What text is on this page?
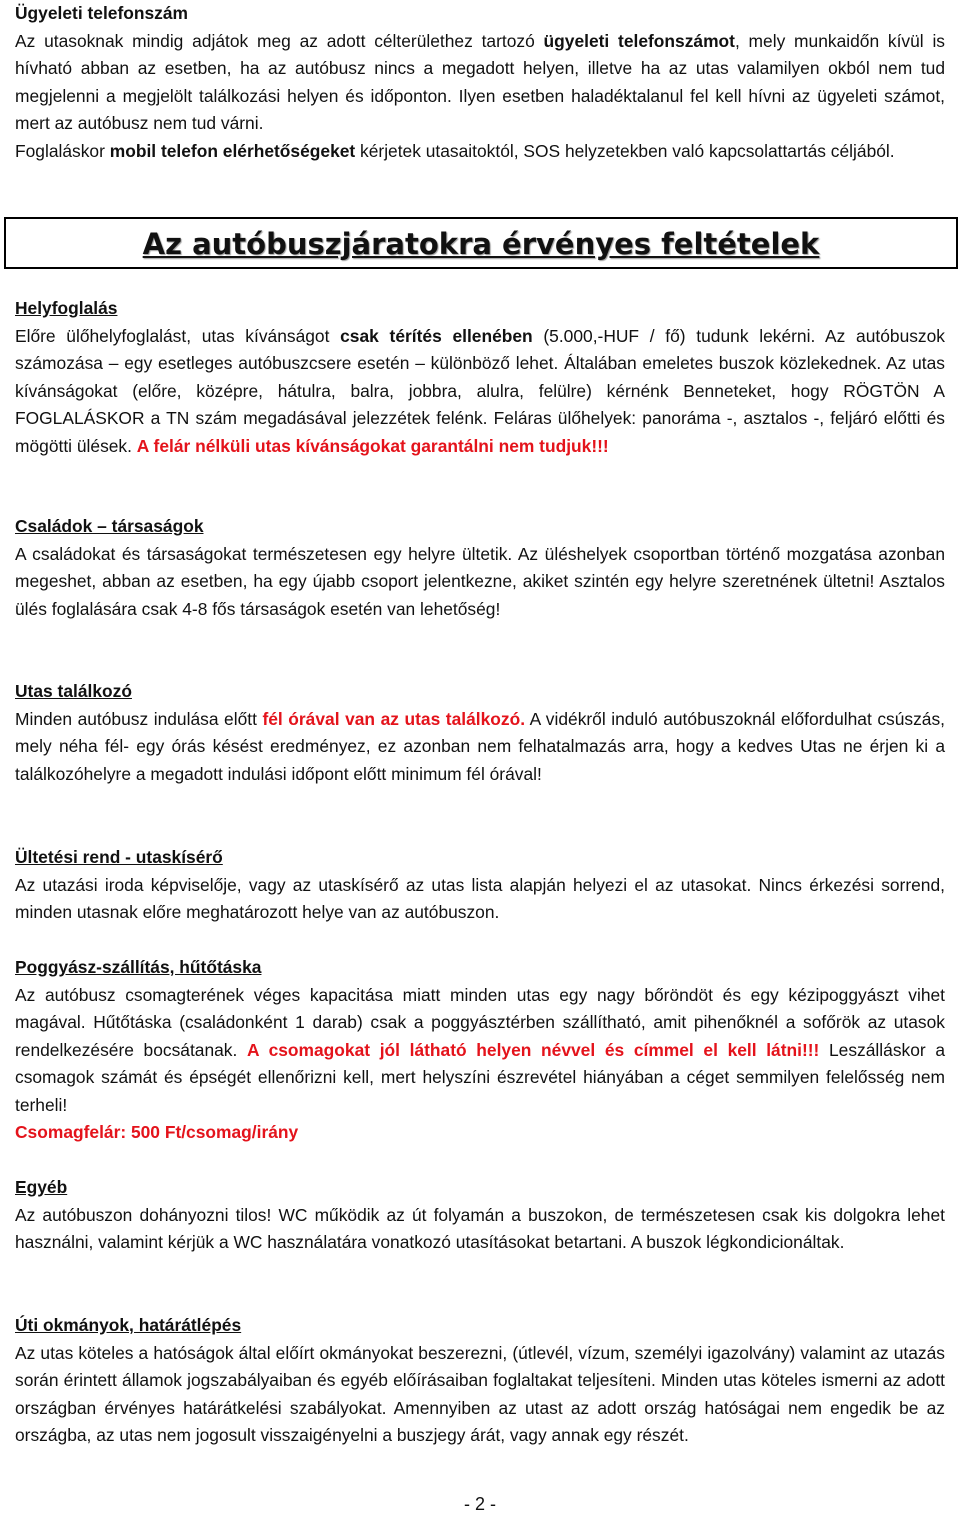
Ügyeleti telefonszám

Az utasoknak mindig adjátok meg az adott célterülethez tartozó ügyeleti telefonszámot, mely munkaidőn kívül is hívható abban az esetben, ha az autóbusz nincs a megadott helyen, illetve ha az utas valamilyen okból nem tud megjelenni a megjelölt találkozási helyen és időponton. Ilyen esetben haladéktalanul fel kell hívni az ügyeleti számot, mert az autóbusz nem tud várni.

Foglaláskor mobil telefon elérhetőségeket kérjetek utasaitoktól, SOS helyzetekben való kapcsolattartás céljából.

Az autóbuszjáratokra érvényes feltételek

Helyfoglalás

Előre ülőhelyfoglalást, utas kívánságot csak térítés ellenében (5.000,-HUF / fő) tudunk lekérni. Az autóbuszok számozása – egy esetleges autóbuszcsere esetén – különböző lehet. Általában emeletes buszok közlekednek. Az utas kívánságokat (előre, középre, hátulra, balra, jobbra, alulra, felülre) kérnénk Benneteket, hogy RÖGTÖN A FOGLALÁSKOR a TN szám megadásával jelezzétek felénk. Feláras ülőhelyek: panoráma -, asztalos -, feljáró előtti és mögötti ülések. A felár nélküli utas kívánságokat garantálni nem tudjuk!!!

Családok – társaságok

A családokat és társaságokat természetesen egy helyre ültetik. Az üléshelyek csoportban történő mozgatása azonban megeshet, abban az esetben, ha egy újabb csoport jelentkezne, akiket szintén egy helyre szeretnének ültetni! Asztalos ülés foglalására csak 4-8 fős társaságok esetén van lehetőség!

Utas találkozó

Minden autóbusz indulása előtt fél órával van az utas találkozó. A vidékről induló autóbuszoknál előfordulhat csúszás, mely néha fél- egy órás késést eredményez, ez azonban nem felhatalmazás arra, hogy a kedves Utas ne érjen ki a találkozóhelyre a megadott indulási időpont előtt minimum fél órával!

Ültetési rend - utaskísérő

Az utazási iroda képviselője, vagy az utaskísérő az utas lista alapján helyezi el az utasokat. Nincs érkezési sorrend, minden utasnak előre meghatározott helye van az autóbuszon.

Poggyász-szállítás, hűtőtáska

Az autóbusz csomagterének véges kapacitása miatt minden utas egy nagy bőröndöt és egy kézipoggyászt vihet magával. Hűtőtáska (családonként 1 darab) csak a poggyásztérben szállítható, amit pihenőknél a sofőrök az utasok rendelkezésére bocsátanak. A csomagokat jól látható helyen névvel és címmel el kell látni!!! Leszálláskor a csomagok számát és épségét ellenőrizni kell, mert helyszíni észrevétel hiányában a céget semmilyen felelősség nem terheli!

Csomagfelár: 500 Ft/csomag/irány

Egyéb

Az autóbuszon dohányozni tilos! WC működik az út folyamán a buszokon, de természetesen csak kis dolgokra lehet használni, valamint kérjük a WC használatára vonatkozó utasításokat betartani. A buszok légkondicionáltak.

Úti okmányok, határátlépés

Az utas köteles a hatóságok által előírt okmányokat beszerezni, (útlevél, vízum, személyi igazolvány) valamint az utazás során érintett államok jogszabályaiban és egyéb előírásaiban foglaltakat teljesíteni. Minden utas köteles ismerni az adott országban érvényes határátkelési szabályokat. Amennyiben az utast az adott ország hatóságai nem engedik be az országba, az utas nem jogosult visszaigényelni a buszjegy árát, vagy annak egy részét.

- 2 -
